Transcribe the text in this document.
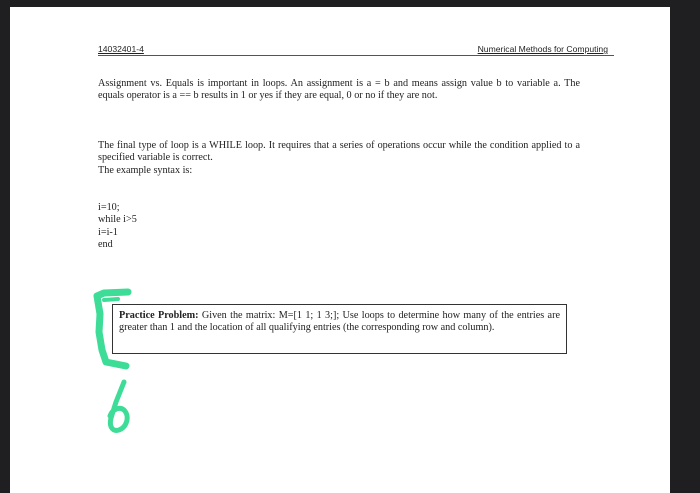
14032401-4	Numerical Methods for Computing
Assignment vs. Equals is important in loops. An assignment is a = b and means assign value b to variable a. The equals operator is a == b results in 1 or yes if they are equal, 0 or no if they are not.
The final type of loop is a WHILE loop. It requires that a series of operations occur while the condition applied to a specified variable is correct.
The example syntax is:
i=10;
while i>5
i=i-1
end
Practice Problem: Given the matrix: M=[1 1; 1 3;]; Use loops to determine how many of the entries are greater than 1 and the location of all qualifying entries (the corresponding row and column).
